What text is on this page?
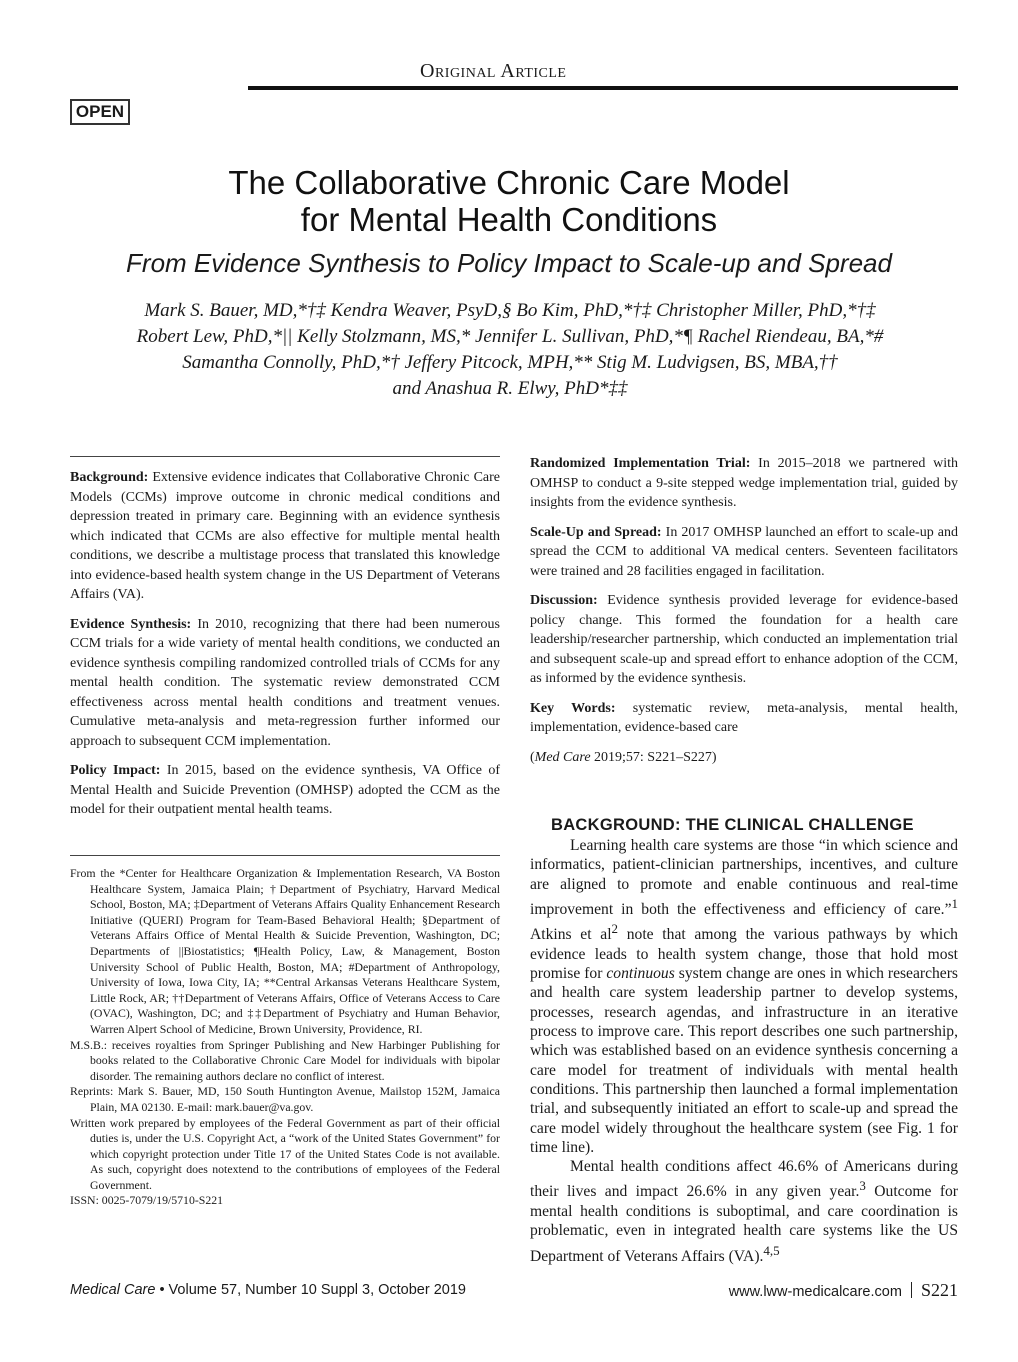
Original Article
OPEN
The Collaborative Chronic Care Model
for Mental Health Conditions
From Evidence Synthesis to Policy Impact to Scale-up and Spread
Mark S. Bauer, MD,*†‡ Kendra Weaver, PsyD,§ Bo Kim, PhD,*†‡ Christopher Miller, PhD,*†‡
Robert Lew, PhD,*|| Kelly Stolzmann, MS,* Jennifer L. Sullivan, PhD,*¶ Rachel Riendeau, BA,*#
Samantha Connolly, PhD,*† Jeffery Pitcock, MPH,** Stig M. Ludvigsen, BS, MBA,††
and Anashua R. Elwy, PhD*‡‡

Background: Extensive evidence indicates that Collaborative Chronic Care Models (CCMs) improve outcome in chronic medical conditions and depression treated in primary care. Beginning with an evidence synthesis which indicated that CCMs are also effective for multiple mental health conditions, we describe a multistage process that translated this knowledge into evidence-based health system change in the US Department of Veterans Affairs (VA).

Evidence Synthesis: In 2010, recognizing that there had been numerous CCM trials for a wide variety of mental health conditions, we conducted an evidence synthesis compiling randomized controlled trials of CCMs for any mental health condition. The systematic review demonstrated CCM effectiveness across mental health conditions and treatment venues. Cumulative meta-analysis and meta-regression further informed our approach to subsequent CCM implementation.

Policy Impact: In 2015, based on the evidence synthesis, VA Office of Mental Health and Suicide Prevention (OMHSP) adopted the CCM as the model for their outpatient mental health teams.

Randomized Implementation Trial: In 2015–2018 we partnered with OMHSP to conduct a 9-site stepped wedge implementation trial, guided by insights from the evidence synthesis.

Scale-Up and Spread: In 2017 OMHSP launched an effort to scale-up and spread the CCM to additional VA medical centers. Seventeen facilitators were trained and 28 facilities engaged in facilitation.

Discussion: Evidence synthesis provided leverage for evidence-based policy change. This formed the foundation for a health care leadership/researcher partnership, which conducted an implementation trial and subsequent scale-up and spread effort to enhance adoption of the CCM, as informed by the evidence synthesis.

Key Words: systematic review, meta-analysis, mental health, implementation, evidence-based care

(Med Care 2019;57: S221–S227)

From the *Center for Healthcare Organization & Implementation Research, VA Boston Healthcare System, Jamaica Plain; †Department of Psychiatry, Harvard Medical School, Boston, MA; ‡Department of Veterans Affairs Quality Enhancement Research Initiative (QUERI) Program for Team-Based Behavioral Health; §Department of Veterans Affairs Office of Mental Health & Suicide Prevention, Washington, DC; Departments of ||Biostatistics; ¶Health Policy, Law, & Management, Boston University School of Public Health, Boston, MA; #Department of Anthropology, University of Iowa, Iowa City, IA; **Central Arkansas Veterans Healthcare System, Little Rock, AR; ††Department of Veterans Affairs, Office of Veterans Access to Care (OVAC), Washington, DC; and ‡‡Department of Psychiatry and Human Behavior, Warren Alpert School of Medicine, Brown University, Providence, RI.

M.S.B.: receives royalties from Springer Publishing and New Harbinger Publishing for books related to the Collaborative Chronic Care Model for individuals with bipolar disorder. The remaining authors declare no conflict of interest.

Reprints: Mark S. Bauer, MD, 150 South Huntington Avenue, Mailstop 152M, Jamaica Plain, MA 02130. E-mail: mark.bauer@va.gov.

Written work prepared by employees of the Federal Government as part of their official duties is, under the U.S. Copyright Act, a “work of the United States Government” for which copyright protection under Title 17 of the United States Code is not available. As such, copyright does notextend to the contributions of employees of the Federal Government.

ISSN: 0025-7079/19/5710-S221

BACKGROUND: THE CLINICAL CHALLENGE

Learning health care systems are those “in which science and informatics, patient-clinician partnerships, incentives, and culture are aligned to promote and enable continuous and real-time improvement in both the effectiveness and efficiency of care.”$^1$ Atkins et $al^2$ note that among the various pathways by which evidence leads to health system change, those that hold most promise for continuous system change are ones in which researchers and health care system leadership partner to develop systems, processes, research agendas, and infrastructure in an iterative process to improve care. This report describes one such partnership, which was established based on an evidence synthesis concerning a care model for treatment of individuals with mental health conditions. This partnership then launched a formal implementation trial, and subsequently initiated an effort to scale-up and spread the care model widely throughout the healthcare system (see Fig. 1 for time line).

Mental health conditions affect 46.6% of Americans during their lives and impact 26.6% in any given year.$^3$ Outcome for mental health conditions is suboptimal, and care coordination is problematic, even in integrated health care systems like the US Department of Veterans Affairs (VA).$^{4,5}$

Medical Care • Volume 57, Number 10 Suppl 3, October 2019	www.lww-medicalcare.com S221
